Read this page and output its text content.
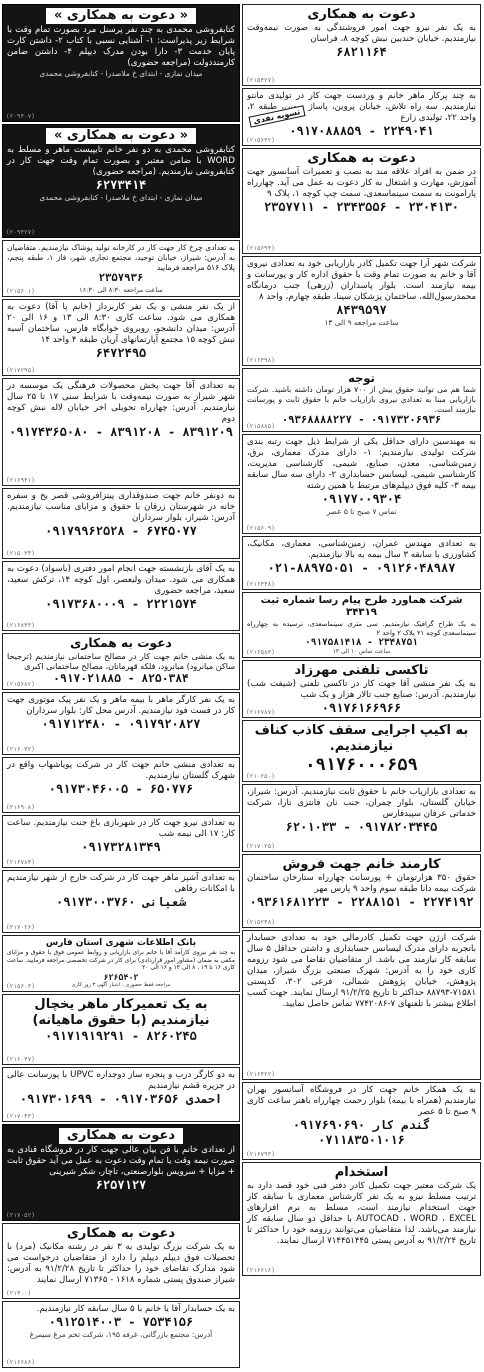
دعوت به همکاری
به یک نفر نیرو جهت امور فروشندگی به صورت نیمه‌وقت نیازمندیم. خیابان خندیین نبش کوچه ۸، فراسان
۶۸۲۱۱۶۴
(۲۱۵۴۲۷)
به چند پرکار ماهر خانم و وردست جهت کار در تولیدی مانتو نیازمندیم. سه راه تلاش، خیابان پروین، پاساژ پروین، طبقه ۲، واحد ۲۲، تولیدی زارع
۰۹۱۷۰۸۸۸۵۹ - ۲۲۴۹۰۴۱
تسویه نقدی
(۲۱۵۶۳۲)
دعوت به همکاری
در ضمن به افراد علاقه مند به نصب و تعمیرات آسانسور جهت آموزش، مهارت و اشتغال به کار دعوت به عمل می آید. چهارراه پارامونت به سمت سینماسعدی، سمت چپ کوچه ۱، پلاک ۹
۲۳۵۷۷۱۱ - ۲۳۴۳۵۵۶ - ۲۳۰۴۱۳۰
(۲۱۵۶۹۴)
شرکت شهر آرا جهت تکمیل کادر بازاریابی خود به تعدادی نیروی آقا و خانم به صورت تمام وقت با حقوق اداره کار و پورسانت و بیمه نیازمند است. بلوار پاسداران (زرهی) جنب درمانگاه محمدرسول‌الله، ساختمان پزشکان سینا، طبقه چهارم، واحد ۸
۸۴۳۹۵۹۷
ساعت مراجعه ۹ الی ۱۳
(۲۱۶۳۹۸)
توجه
شما هم می توانید حقوق بیش از ۷۰۰ هزار تومان داشته باشید. شرکت بازاریابی مبنا به تعدادی نیروی بازاریاب خانم با حقوق ثابت و پورسانت نیازمند است.
۰۹۳۶۸۸۸۸۲۲۷ - ۰۹۱۷۳۲۰۶۹۳۶
(۲۱۵۸۸۵)
به مهندسین دارای حداقل یکی از شرایط ذیل جهت رتبه بندی شرکت تولیدی نیازمندیم: ۱- دارای مدرک معماری، برق، زمین‌شناسی، معدن، صنایع، شیمی، کارشناسی مدیریت، کارشناسی شیمی، لیسانس حسابداری ۲- دارای سه سال سابقه بیمه ۳- کلیه فوق دیپلم‌های مرتبط با همین رشته
۰۹۱۷۷۰۰۹۳۰۴
تماس ۷ صبح تا ۵ عصر
(۲۱۵۶۰۹)
به تعدادی مهندس عمران، زمین‌شناسی، معماری، مکانیک، کشاورزی با سابقه ۳ سال بیمه به بالا نیازمندیم.
۰۲۱-۸۸۹۷۵۰۵۱ - ۰۹۱۲۶۰۴۸۹۸۷
(۲۱۶۳۴۸)
شرکت هماورد طرح پیام رسا شماره ثبت ۳۴۳۱۹
به یک طراح گرافیک نیازمندیم. سی متری سینماسعدی، نرسیده به چهارراه سینماسعدی کوچه ۲۱ پلاک ۲ واحد ۲
۰۹۱۷۵۸۱۴۱۸ - ۲۳۴۸۷۵۱
ساعت تماس ۱۰ الی ۱۳
(۲۱۶۵۸۳)
تاکسی تلفنی مهرزاد
به یک نفر منشی آقا جهت کار در تاکسی تلفنی (شیفت شب) نیازمندیم. آدرس: صنایع جنب تالار هزار و یک شب
۰۹۱۷۶۱۶۶۹۶۶
(۲۱۶۷۸۷)
به اکیپ اجرایی سقف کاذب کناف نیازمندیم.
۰۹۱۷۶۰۰۰۶۵۹
(۲۱۰۲۵۰)
به تعدادی بازاریاب خانم با حقوق ثابت نیازمندیم. آدرس: شیراز، خیابان گلستان، بلوار چمران، جنب نان فانتزی تارا، شرکت خدماتی عرفان سپیدفارس
۶۲۰۱۰۳۳ - ۰۹۱۷۸۲۰۳۴۴۵
(۲۱۷۰۲۵)
کارمند خانم جهت فروش
حقوق ۳۵۰ هزارتومان + پورسانت چهارراه ستارخان ساختمان شرکت بیمه دانا طبقه سوم واحد ۹ پارس مهر
۰۹۳۶۱۶۸۱۲۲۳ - ۲۲۸۸۱۵۱ - ۲۲۷۴۱۹۲
(۲۱۵۲۴۸)
شرکت ارژن جهت تکمیل کادرمالی خود به تعدادی حسابدار باتجربه دارای مدرک لیسانس حسابداری و داشتن حداقل ۵ سال سابقه کار نیازمند می باشد. از متقاضیان تقاضا می شود رزومه کاری خود را به آدرس: شهرک صنعتی بزرگ شیراز، میدان پژوهش، خیابان پژوهش شمالی، فرعی ۳۰۲، کدپستی ۷۱۵۸۱-۸۸۷۹۳ حداکثر تا تاریخ ۹۱/۲/۲۵ ارسال نمایند. جهت کسب اطلاع بیشتر با تلفنهای ۷-۷۷۴۲۰۸۶ تماس حاصل نمایید.
(۲۱۶۴۲۲)
به یک همکار خانم جهت کار در فروشگاه آسانسور بهران نیازمندیم (همراه با بیمه) بلوار رحمت چهارراه باهنر ساعت کاری ۹ صبح تا ۵ عصر
۰۹۱۷۶۹۰۶۹۰ گندم کار ۰۷۱۱۸۳۵۰۱۰۱۶
(۲۱۶۷۹۳)
استخدام
یک شرکت معتبر جهت تکمیل کادر دفتر فنی خود قصد دارد به ترتیب مسلط نیرو به یک نفر کارشناس معماری با سابقه کار جهت استخدام نیازمند است، مسلط به نرم افزارهای AUTOCAD ، WORD ، EXCEL با حداقل دو سال سابقه کار نیازمند می‌باشد. لذا متقاضیان می‌توانند رزومه خود را حداکثر تا تاریخ ۹۱/۲/۲۴ به آدرس پستی ۷۱۴۴۵۱۴۴۵ ارسال نمایند.
(۲۱۶۶۱۶)
« دعوت به همکاری »
کتابفروشی محمدی به چند نفر پرسنل مرد بصورت تمام وقت با شرایط زیر پذیراست: ۱- آشنایی نسبی با کتاب ۲- داشتن کارت پایان خدمت ۳- دارا بودن مدرک دیپلم ۴- داشتن ضامن کارمنددولت (مراجعه حضوری)
میدان نمازی - ابتدای خ ملاصدرا - کتابفروشی محمدی
(۲۰۹۴۰۷)
« دعوت به همکاری »
کتابفروشی محمدی به دو نفر خانم تایپیست ماهر و مسلط به WORD با ضامن معتبر و بصورت تمام وقت جهت کار در کتابفروشی نیازمندیم. (مراجعه حضوری)
۶۲۷۳۴۱۴
میدان نمازی - ابتدای خ ملاصدرا - کتابفروشی محمدی
(۲۰۹۴۲۷)
به تعدادی چرخ کار جهت کار در کارخانه تولید پوشاک نیازمندیم. متقاضیان به آدرس: شیراز، خیابان توحید، مجتمع تجاری شهر، فاز ۱، طبقه پنجم، پلاک ۵۱۶ مراجعه فرمایید
۲۳۵۷۹۳۶
ساعت مراجعه ۸:۳۰ الی ۱۶:۳۰
(۲۱۵۶۰۱)
از یک نفر منشی و یک نفر کاربرداز (خانم یا آقا) دعوت به همکاری می شود. ساعت کاری ۸:۳۰ الی ۱۳ و ۱۶ الی ۲۰ آدرس: میدان دانشجو، روبروی خوابگاه فارس، ساختمان آسیه نبش کوچه ۱۵ مجتمع آپارتمانهای آریان طبقه ۴ واحد ۱۴
۶۴۷۲۴۹۵
(۲۱۷۲۹۵)
به تعدادی آقا جهت پخش محصولات فرهنگی یک موسسه در شهر شیراز به صورت نیمه‌وقت با شرایط سنی ۱۷ تا ۲۵ سال نیازمندیم. آدرس: چهارراه تحویلی اخر خیابان لاله نبش کوچه دوم
۰۹۱۷۴۳۶۵۰۸۰ - ۸۳۹۱۲۰۸ - ۸۳۹۱۲۰۹
(۲۱۶۹۴۱)
به دونفر خانم جهت صندوقداری پیتزافروشی قصر یخ و سفره خانه در شهرستان زرقان با حقوق و مزایای مناسب نیازمندیم. آدرس: شیراز، بلوار سرداران
۰۹۱۷۹۹۶۲۵۲۸ - ۶۷۴۵۰۷۷
(۲۱۵۰۳۴)
به یک آقای بازنشسته جهت انجام امور دفتری (باسواد) دعوت به همکاری می شود. میدان ولیعصر، اول کوچه ۱۴، ترکش سعید، سعید، مراجعه حضوری
۰۹۱۷۳۶۸۰۰۰۹ - ۲۲۲۱۵۷۴
(۲۱۶۸۳۳)
دعوت به همکاری
به یک منشی خانم جهت کار در مصالح ساختمانی نیازمندیم (ترجیحا ساکن میانرود) میانرود، فلکه قهرمانان، مصالح ساختمانی اکبری
۰۹۱۷۰۲۱۸۸۵ - ۸۲۵۰۳۸۴
(۲۱۵۶۸۲)
به یک نفر کارگر ماهر با بیمه ماهر و یک نفر پیک موتوری جهت کار در فست فود نیازمندیم. آدرس محل کار: بلوار سرداران
۰۹۱۷۱۲۴۸۰ - ۰۹۱۷۹۲۰۸۲۷
(۲۱۶۰۳۲)
به تعدادی منشی خانم جهت کار در شرکت پویاشهاب واقع در شهرک گلستان نیازمندیم.
۰۹۱۷۳۰۴۶۰۰۵ - ۶۵۰۷۷۶
(۲۱۶۹۰۸)
به تعدادی نیرو جهت کار در شهربازی باغ جنت نیازمندیم. ساعت کار: ۱۷ الی نیمه شب
۰۹۱۷۳۲۸۱۳۴۹
(۲۱۶۷۸۴)
به تعدادی آشپز ماهر جهت کار در شرکت خارج از شهر نیازمندیم با امکانات رفاهی
۰۹۱۷۳۰۰۳۷۶۰ شعبانی
(۲۱۷۰۲۶)
بانک اطلاعات شهری استان فارس
به چند نفر نیروی کارآمد آقا یا خانم برای بازاریابی و روابط عمومی فوق با حقوق و مزایای مکفی به ضمان (مشاور امور قراردادی) برای کار در شرکت تخصصی مراجعه فرمایید. ساعت کاری ۱۶ تا ۱۹ ، ۸ الی ۱۳ و ۱۶ الی ۲۰
۶۲۶۵۴۰۲
مراجعه فقط حضوری ، اعتبار آگهی ۳ روز کاری
(۲۱۵۶۰۳)
به یک تعمیرکار ماهر یخچال نیازمندیم (با حقوق ماهیانه)
۰۹۱۷۱۹۱۹۲۹۱ - ۸۲۶۰۲۴۵
(۲۱۶۰۳۷)
به دو کارگر درب و پنجره ساز دوجداره UPVC با پورسانت عالی در جزیره قشم نیازمندیم
۰۹۱۷۳۰۱۶۹۹ - ۰۹۱۷۰۳۶۵۶ احمدی
(۲۱۷۰۴۳)
دعوت به همکاری
از تعدادی خانم با فن بیان عالی جهت کار در فروشگاه قنادی به صورت نیمه وقت یا تمام وقت دعوت به عمل می آید حقوق ثابت + مزایا + سرویس بلوارصنعتی، تاچار، شکر شیرینی
۶۲۵۷۱۲۷
(۲۱۷۰۵۲)
دعوت به همکاری
به یک شرکت بزرگ تولیدی به ۳ نفر در رشته مکانیک (مرد) با تحصیلات فوق دیپلم دیپلم را دارد از متقاضیان درخواست می شود مدارک تقاضای خود را حداکثر تا تاریخ ۹۱/۲/۲۸ به آدرس: شیراز صندوق پستی شماره ۱۶۱۸ - ۷۱۳۶۵ ارسال نمایند
(۲۱۴۰۰)
به یک حسابدار آقا یا خانم با ۵ سال سابقه کار نیازمندیم.
۰۹۱۲۵۱۴۰۰۳ - ۷۵۳۴۱۵۶
آدرس: مجتمع بازرگانی، غرفه ۱۹۵، شرکت تخم مرغ سیمرغ
(۲۱۶۶۸۶)
